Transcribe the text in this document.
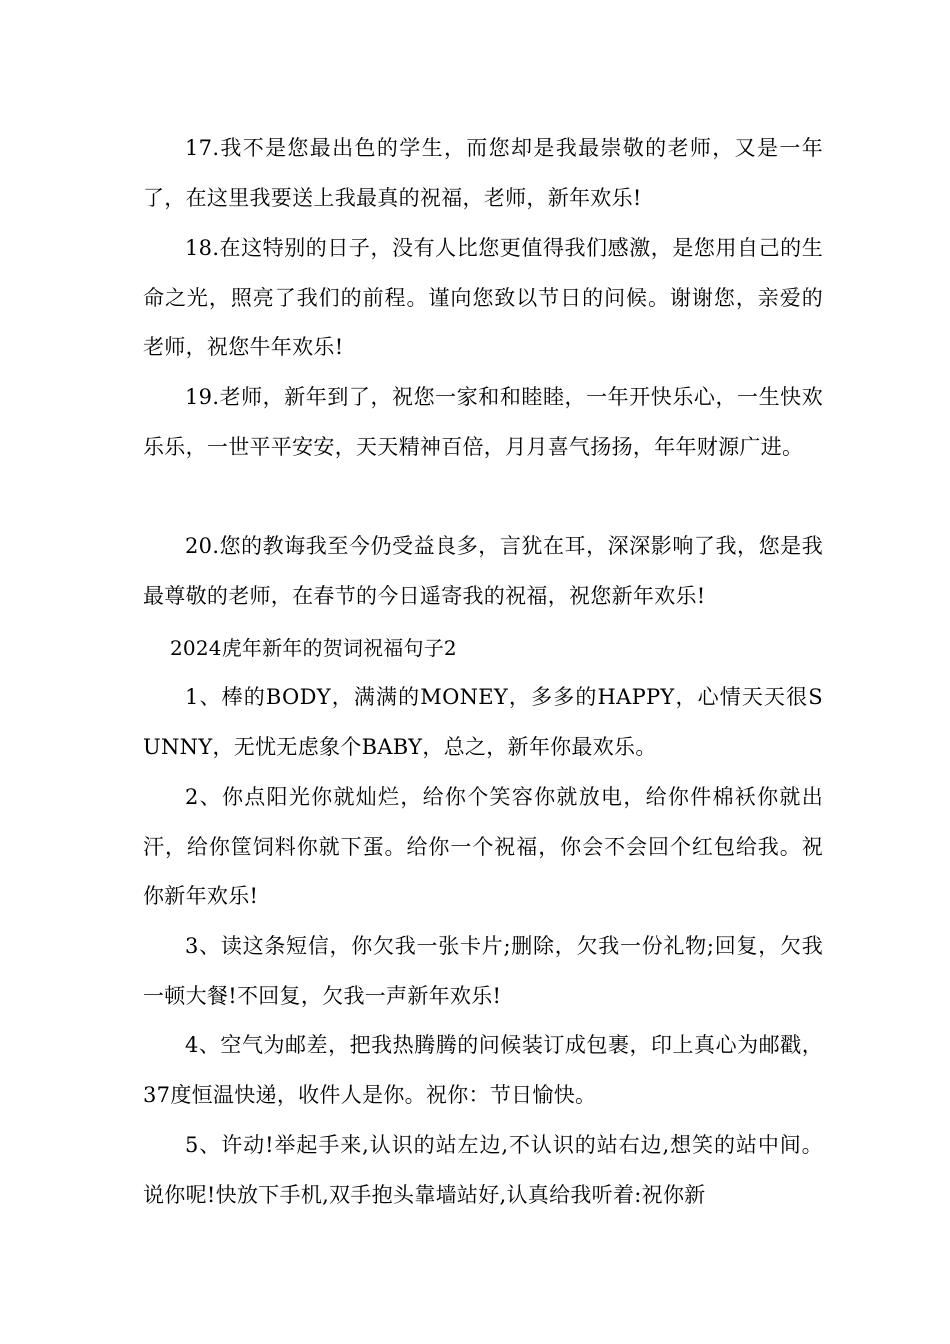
17.我不是您最出色的学生，而您却是我最崇敬的老师，又是一年了，在这里我要送上我最真的祝福，老师，新年欢乐!

18.在这特别的日子，没有人比您更值得我们感激，是您用自己的生命之光，照亮了我们的前程。谨向您致以节日的问候。谢谢您，亲爱的老师，祝您牛年欢乐!

19.老师，新年到了，祝您一家和和睦睦，一年开快乐心，一生快欢乐乐，一世平平安安，天天精神百倍，月月喜气扬扬，年年财源广进。

20.您的教诲我至今仍受益良多，言犹在耳，深深影响了我，您是我最尊敬的老师，在春节的今日遥寄我的祝福，祝您新年欢乐!

2024虎年新年的贺词祝福句子2

1、棒的BODY，满满的MONEY，多多的HAPPY，心情天天很SUNNY，无忧无虑象个BABY，总之，新年你最欢乐。

2、你点阳光你就灿烂，给你个笑容你就放电，给你件棉袄你就出汗，给你筐饲料你就下蛋。给你一个祝福，你会不会回个红包给我。祝你新年欢乐!

3、读这条短信，你欠我一张卡片;删除，欠我一份礼物;回复，欠我一顿大餐!不回复，欠我一声新年欢乐!

4、空气为邮差，把我热腾腾的问候装订成包裹，印上真心为邮戳，37度恒温快递，收件人是你。祝你：节日愉快。

5、许动!举起手来,认识的站左边,不认识的站右边,想笑的站中间。说你呢!快放下手机,双手抱头靠墙站好,认真给我听着:祝你新
